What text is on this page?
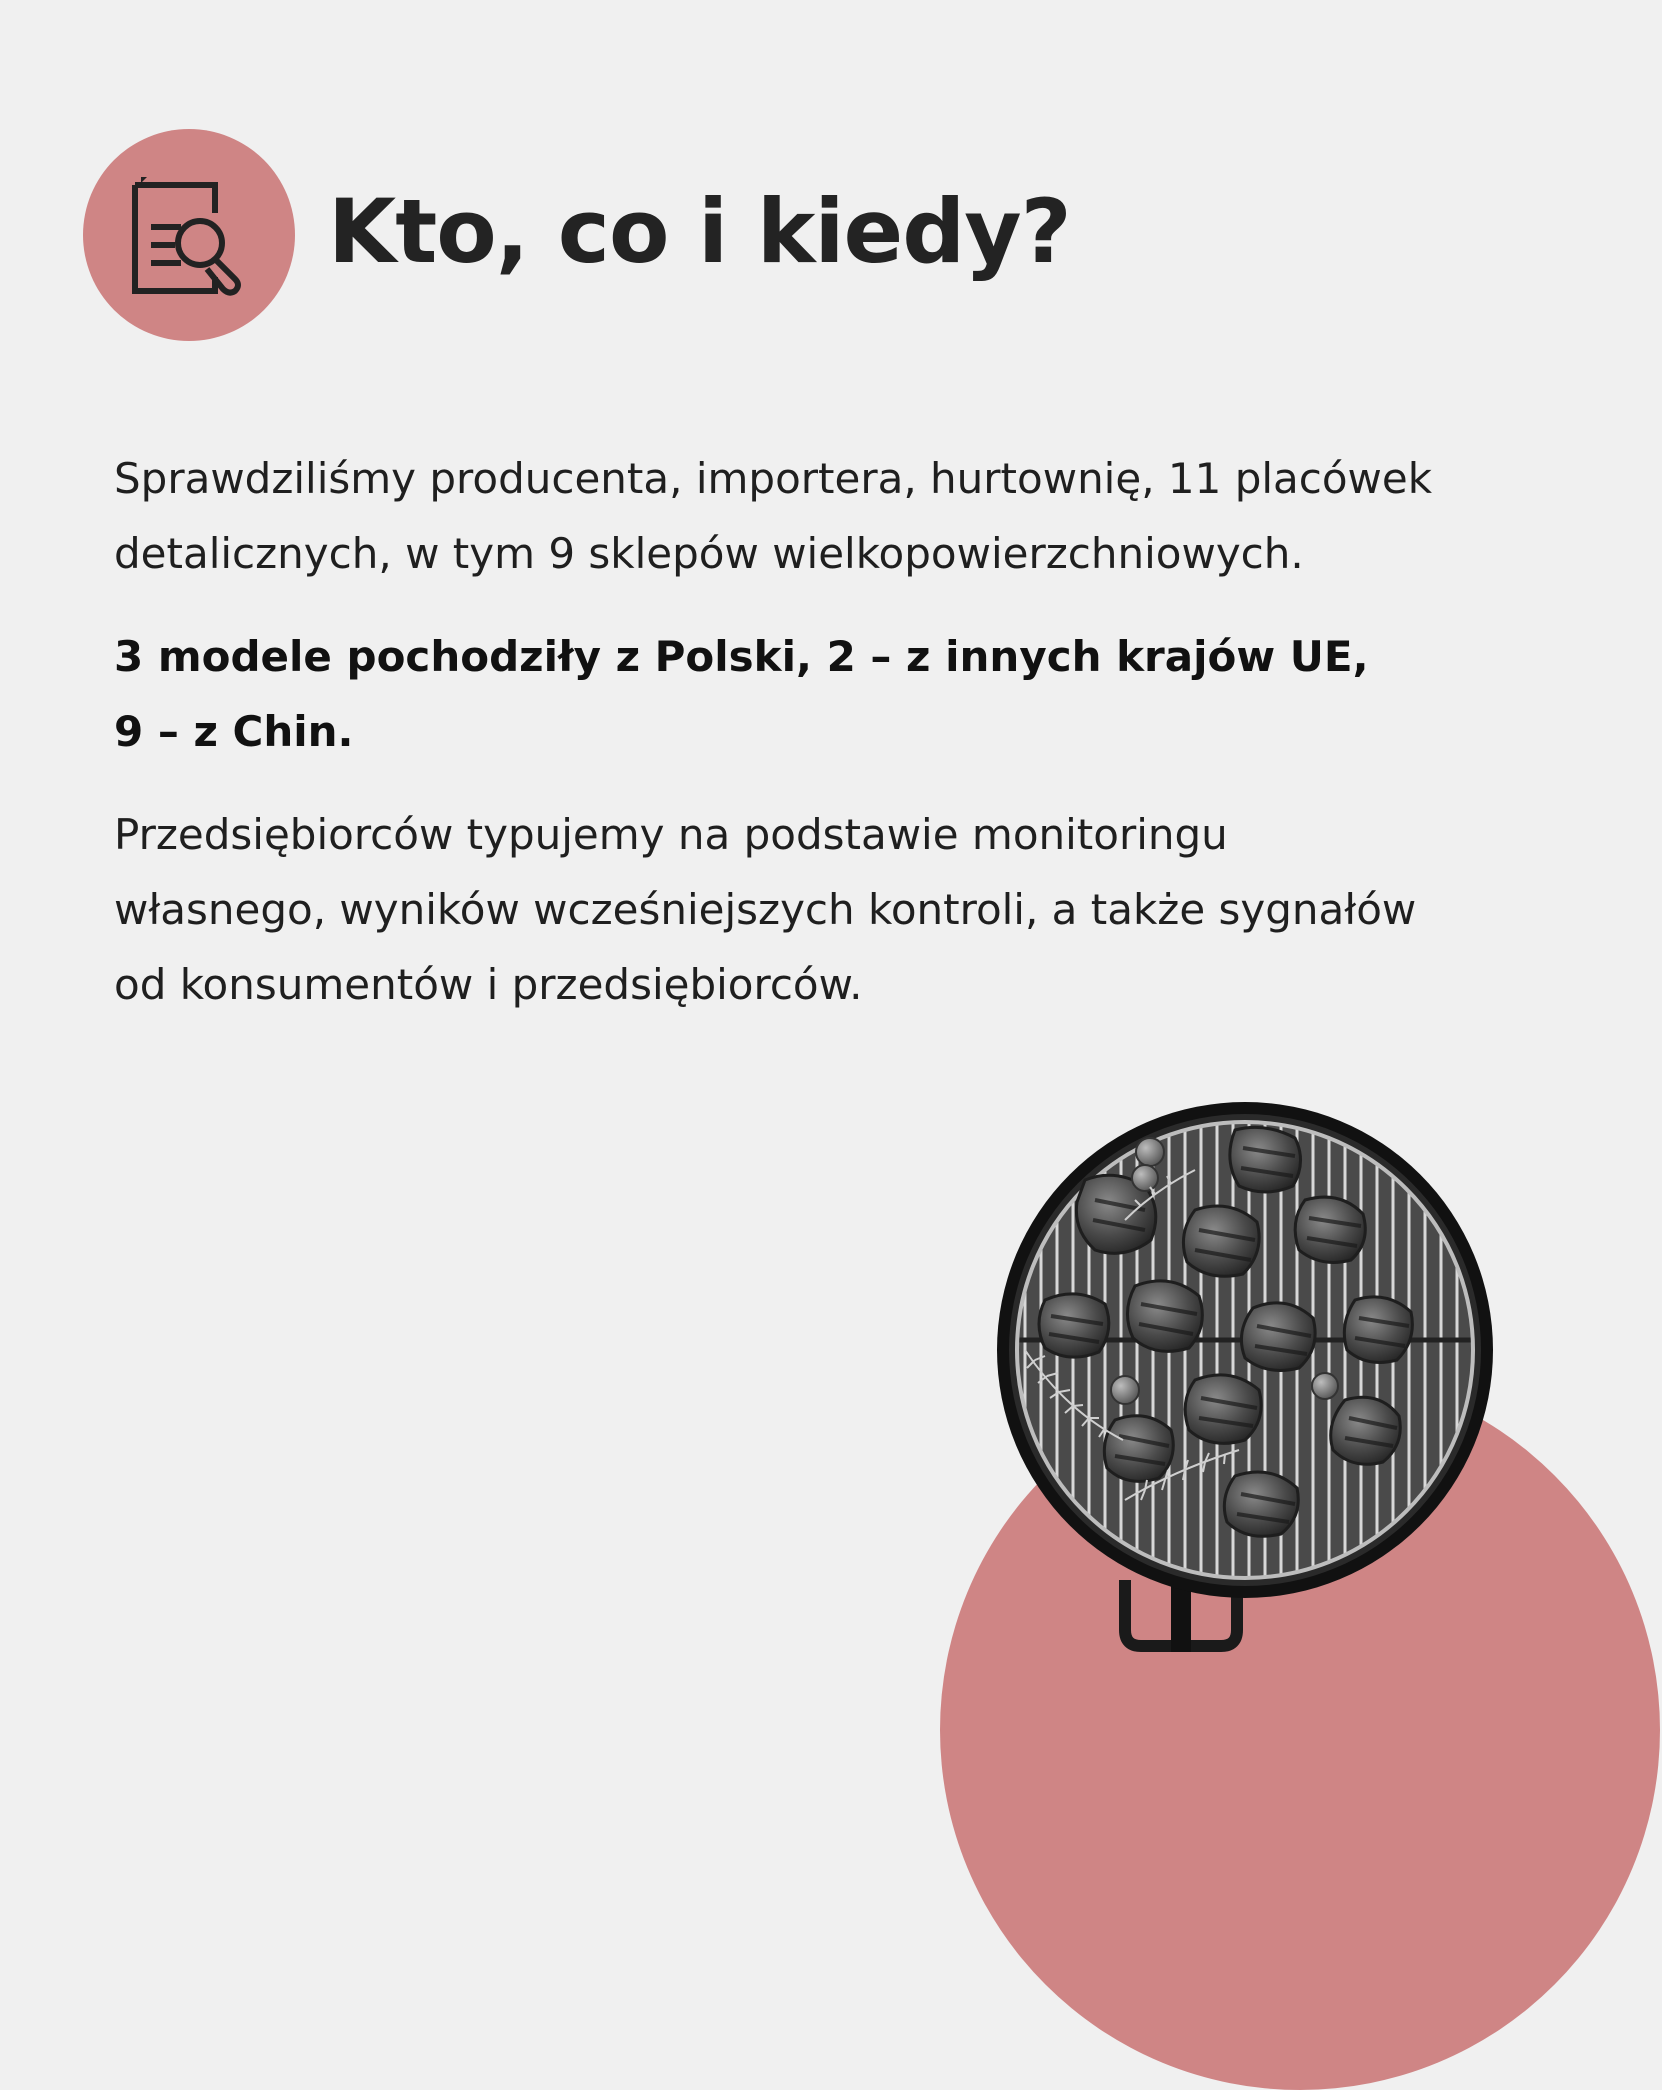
Kto, co i kiedy?

Sprawdziliśmy producenta, importera, hurtownię, 11 placówek
detalicznych, w tym 9 sklepów wielkopowierzchniowych.

3 modele pochodziły z Polski, 2 – z innych krajów UE,
9 – z Chin.

Przedsiębiorców typujemy na podstawie monitoringu
własnego, wyników wcześniejszych kontroli, a także sygnałów
od konsumentów i przedsiębiorców.
